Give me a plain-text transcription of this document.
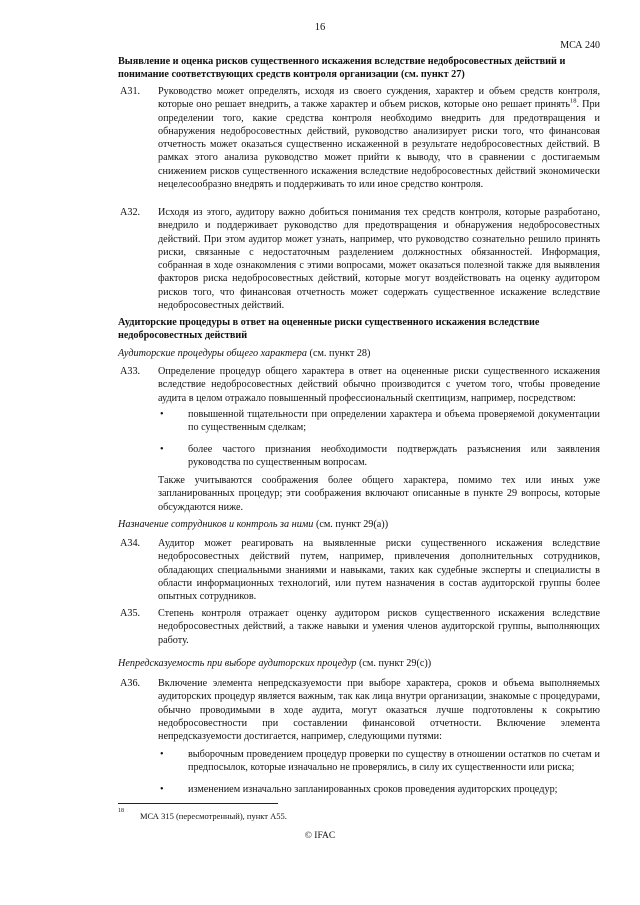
16
МСА 240
Выявление и оценка рисков существенного искажения вследствие недобросовестных действий и понимание соответствующих средств контроля организации (см. пункт 27)
A31.	Руководство может определять, исходя из своего суждения, характер и объем средств контроля, которые оно решает внедрить, а также характер и объем рисков, которые оно решает принять$^{18}$. При определении того, какие средства контроля необходимо внедрить для предотвращения и обнаружения недобросовестных действий, руководство анализирует риски того, что финансовая отчетность может оказаться существенно искаженной в результате недобросовестных действий. В рамках этого анализа руководство может прийти к выводу, что в сравнении с достигаемым снижением рисков существенного искажения вследствие недобросовестных действий экономически нецелесообразно внедрять и поддерживать то или иное средство контроля.
A32.	Исходя из этого, аудитору важно добиться понимания тех средств контроля, которые разработано, внедрило и поддерживает руководство для предотвращения и обнаружения недобросовестных действий. При этом аудитор может узнать, например, что руководство сознательно решило принять риски, связанные с недостаточным разделением должностных обязанностей. Информация, собранная в ходе ознакомления с этими вопросами, может оказаться полезной также для выявления факторов риска недобросовестных действий, которые могут воздействовать на оценку аудитором рисков того, что финансовая отчетность может содержать существенное искажение вследствие недобросовестных действий.
Аудиторские процедуры в ответ на оцененные риски существенного искажения вследствие недобросовестных действий
Аудиторские процедуры общего характера (см. пункт 28)
A33.	Определение процедур общего характера в ответ на оцененные риски существенного искажения вследствие недобросовестных действий обычно производится с учетом того, чтобы проведение аудита в целом отражало повышенный профессиональный скептицизм, например, посредством:
• повышенной тщательности при определении характера и объема проверяемой документации по существенным сделкам;
• более частого признания необходимости подтверждать разъяснения или заявления руководства по существенным вопросам.
Также учитываются соображения более общего характера, помимо тех или иных уже запланированных процедур; эти соображения включают описанные в пункте 29 вопросы, которые обсуждаются ниже.
Назначение сотрудников и контроль за ними (см. пункт 29(a))
A34.	Аудитор может реагировать на выявленные риски существенного искажения вследствие недобросовестных действий путем, например, привлечения дополнительных сотрудников, обладающих специальными знаниями и навыками, таких как судебные эксперты и специалисты в области информационных технологий, или путем назначения в состав аудиторской группы более опытных сотрудников.
A35.	Степень контроля отражает оценку аудитором рисков существенного искажения вследствие недобросовестных действий, а также навыки и умения членов аудиторской группы, выполняющих работу.
Непредсказуемость при выборе аудиторских процедур (см. пункт 29(c))
A36.	Включение элемента непредсказуемости при выборе характера, сроков и объема выполняемых аудиторских процедур является важным, так как лица внутри организации, знакомые с процедурами, обычно проводимыми в ходе аудита, могут оказаться лучше подготовлены к сокрытию недобросовестности при составлении финансовой отчетности. Включение элемента непредсказуемости достигается, например, следующими путями:
• выборочным проведением процедур проверки по существу в отношении остатков по счетам и предпосылок, которые изначально не проверялись, в силу их существенности или риска;
• изменением изначально запланированных сроков проведения аудиторских процедур;
18 МСА 315 (пересмотренный), пункт A55.
© IFAC
